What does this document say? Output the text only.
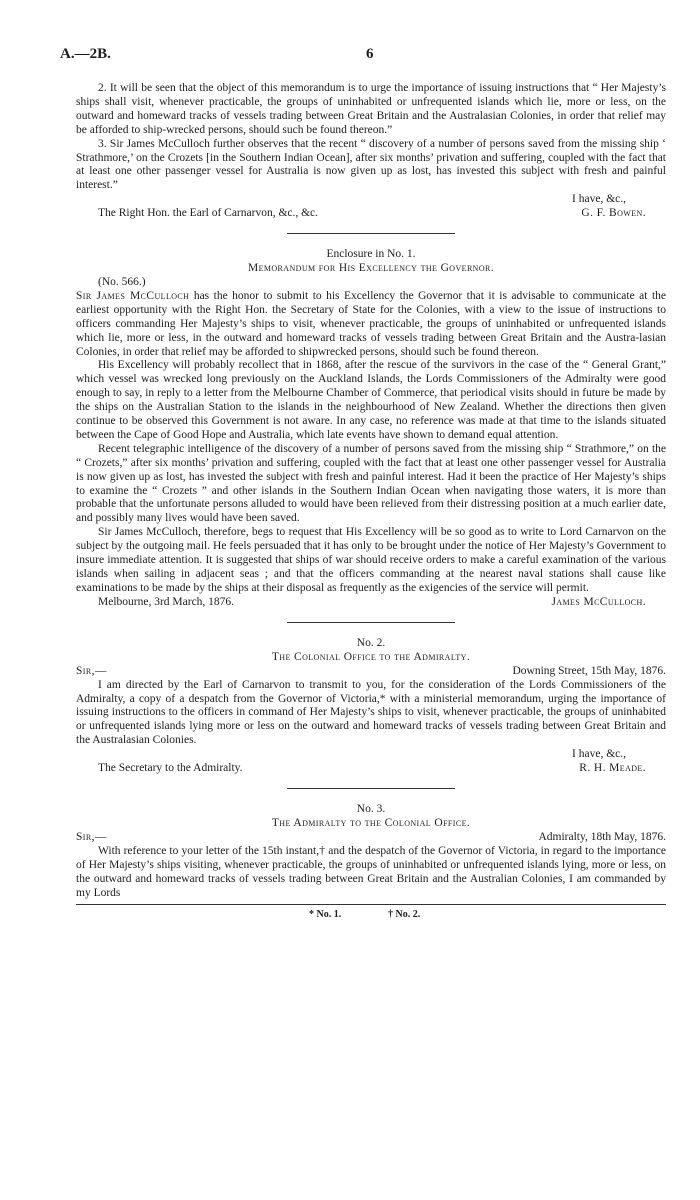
A.—2B.	6

2. It will be seen that the object of this memorandum is to urge the importance of issuing instructions that “ Her Majesty’s ships shall visit, whenever practicable, the groups of uninhabited or unfrequented islands which lie, more or less, on the outward and homeward tracks of vessels trading between Great Britain and the Australasian Colonies, in order that relief may be afforded to ship-wrecked persons, should such be found thereon.”

3. Sir James McCulloch further observes that the recent “ discovery of a number of persons saved from the missing ship ‘ Strathmore,’ on the Crozets [in the Southern Indian Ocean], after six months’ privation and suffering, coupled with the fact that at least one other passenger vessel for Australia is now given up as lost, has invested this subject with fresh and painful interest.”

I have, &c.,

The Right Hon. the Earl of Carnarvon, &c., &c.	G. F. Bowen.

Enclosure in No. 1.

Memorandum for His Excellency the Governor.

(No. 566.)

Sir James McCulloch has the honor to submit to his Excellency the Governor that it is advisable to communicate at the earliest opportunity with the Right Hon. the Secretary of State for the Colonies, with a view to the issue of instructions to officers commanding Her Majesty’s ships to visit, whenever practicable, the groups of uninhabited or unfrequented islands which lie, more or less, in the outward and homeward tracks of vessels trading between Great Britain and the Austra-lasian Colonies, in order that relief may be afforded to shipwrecked persons, should such be found thereon.

His Excellency will probably recollect that in 1868, after the rescue of the survivors in the case of the “ General Grant,” which vessel was wrecked long previously on the Auckland Islands, the Lords Commissioners of the Admiralty were good enough to say, in reply to a letter from the Melbourne Chamber of Commerce, that periodical visits should in future be made by the ships on the Australian Station to the islands in the neighbourhood of New Zealand. Whether the directions then given continue to be observed this Government is not aware. In any case, no reference was made at that time to the islands situated between the Cape of Good Hope and Australia, which late events have shown to demand equal attention.

Recent telegraphic intelligence of the discovery of a number of persons saved from the missing ship “ Strathmore,” on the “ Crozets,” after six months’ privation and suffering, coupled with the fact that at least one other passenger vessel for Australia is now given up as lost, has invested the subject with fresh and painful interest. Had it been the practice of Her Majesty’s ships to examine the “ Crozets ” and other islands in the Southern Indian Ocean when navigating those waters, it is more than probable that the unfortunate persons alluded to would have been relieved from their distressing position at a much earlier date, and possibly many lives would have been saved.

Sir James McCulloch, therefore, begs to request that His Excellency will be so good as to write to Lord Carnarvon on the subject by the outgoing mail. He feels persuaded that it has only to be brought under the notice of Her Majesty’s Government to insure immediate attention. It is suggested that ships of war should receive orders to make a careful examination of the various islands when sailing in adjacent seas ; and that the officers commanding at the nearest naval stations shall cause like examinations to be made by the ships at their disposal as frequently as the exigencies of the service will permit.

Melbourne, 3rd March, 1876.	James McCulloch.

No. 2.

The Colonial Office to the Admiralty.

Sir,—	Downing Street, 15th May, 1876.

I am directed by the Earl of Carnarvon to transmit to you, for the consideration of the Lords Commissioners of the Admiralty, a copy of a despatch from the Governor of Victoria,* with a ministerial memorandum, urging the importance of issuing instructions to the officers in command of Her Majesty’s ships to visit, whenever practicable, the groups of uninhabited or unfrequented islands lying more or less on the outward and homeward tracks of vessels trading between Great Britain and the Australasian Colonies.

I have, &c.,

The Secretary to the Admiralty.	R. H. Meade.

No. 3.

The Admiralty to the Colonial Office.

Sir,—	Admiralty, 18th May, 1876.

With reference to your letter of the 15th instant,† and the despatch of the Governor of Victoria, in regard to the importance of Her Majesty’s ships visiting, whenever practicable, the groups of uninhabited or unfrequented islands lying, more or less, on the outward and homeward tracks of vessels trading between Great Britain and the Australian Colonies, I am commanded by my Lords

* No. 1.	† No. 2.
